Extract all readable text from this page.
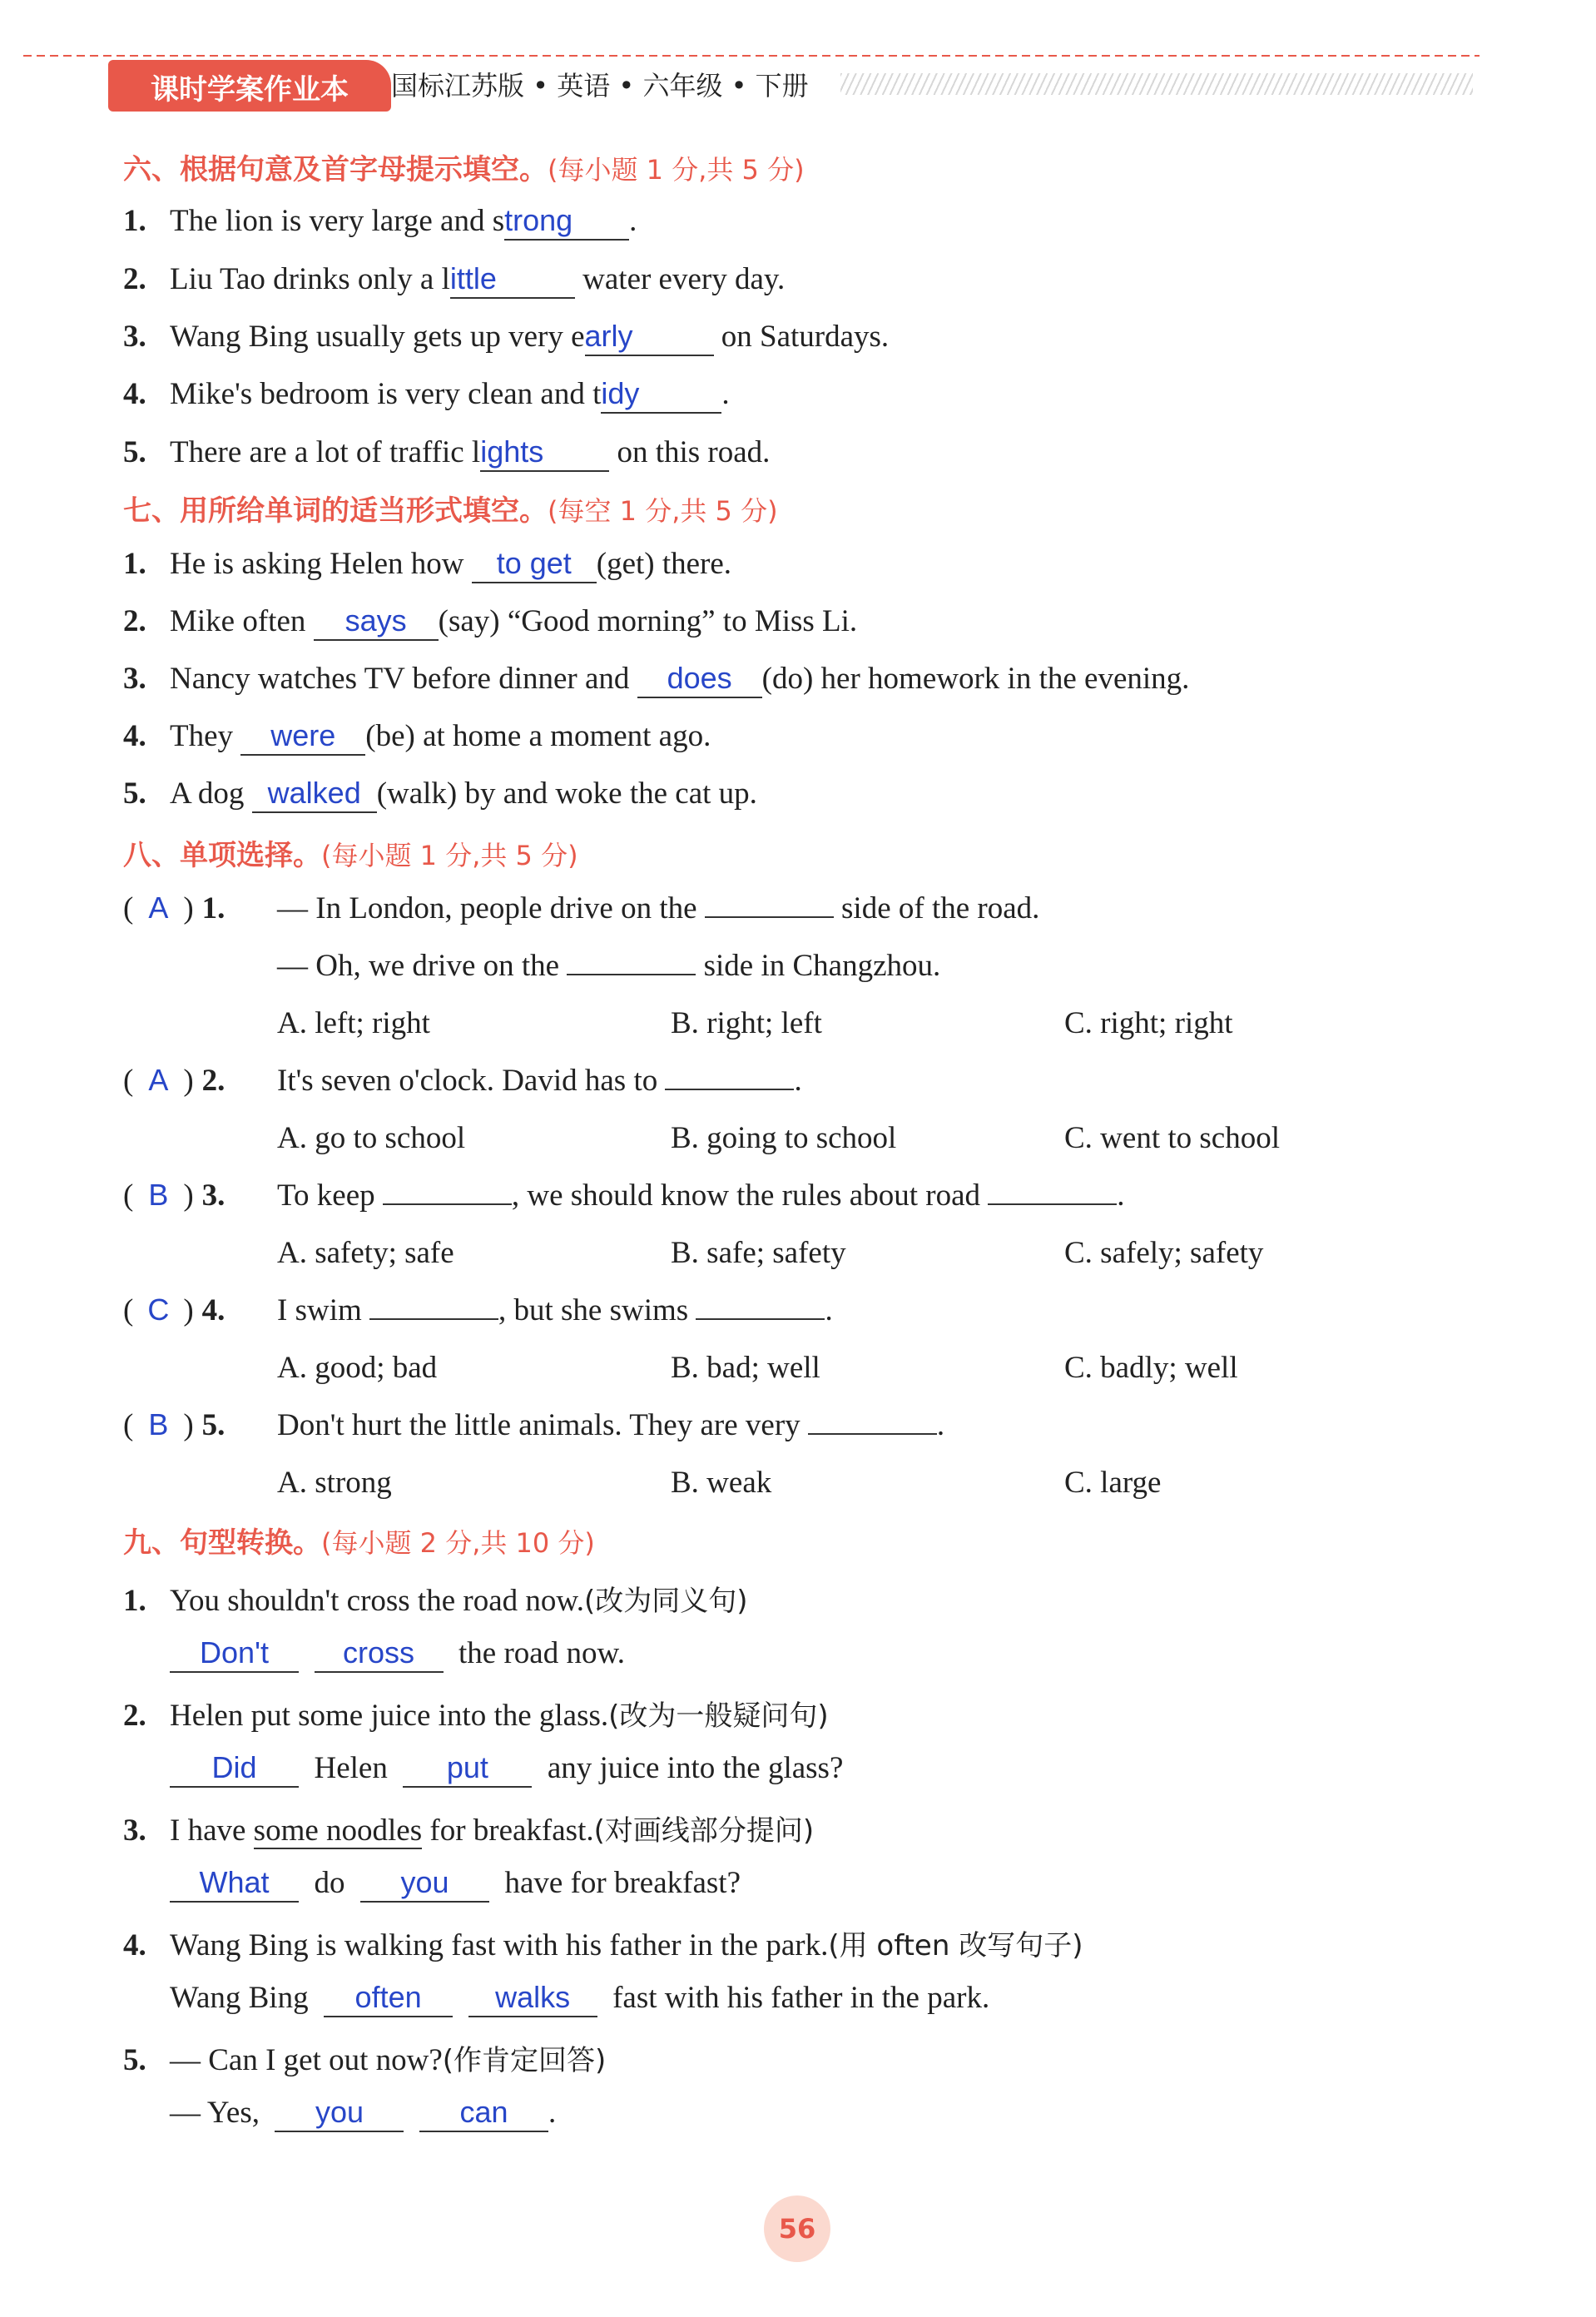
课时学案作业本	国标江苏版 • 英语 • 六年级 • 下册
六、根据句意及首字母提示填空。(每小题 1 分,共 5 分)
1. The lion is very large and strong .
2. Liu Tao drinks only a little	water every day.
3. Wang Bing usually gets up very early	on Saturdays.
4. Mike's bedroom is very clean and tidy	.
5. There are a lot of traffic lights on this road.
七、用所给单词的适当形式填空。(每空 1 分,共 5 分)
1. He is asking Helen how to get (get) there.
2. Mike often says (say) “Good morning” to Miss Li.
3. Nancy watches TV before dinner and does (do) her homework in the evening.
4. They were (be) at home a moment ago.
5. A dog walked (walk) by and woke the cat up.
八、单项选择。(每小题 1 分,共 5 分)
( A ) 1. — In London, people drive on the	side of the road.
— Oh, we drive on the	side in Changzhou.
A. left; right	B. right; left	C. right; right
( A ) 2. It's seven o'clock. David has to	.
A. go to school	B. going to school	C. went to school
( B ) 3. To keep	, we should know the rules about road	.
A. safety; safe	B. safe; safety	C. safely; safety
( C ) 4. I swim	, but she swims	.
A. good; bad	B. bad; well	C. badly; well
( B ) 5. Don't hurt the little animals. They are very	.
A. strong	B. weak	C. large
九、句型转换。(每小题 2 分,共 10 分)
1. You shouldn't cross the road now.(改为同义句)
Don't cross the road now.
2. Helen put some juice into the glass.(改为一般疑问句)
Did Helen put any juice into the glass?
3. I have some noodles for breakfast.(对画线部分提问)
What do you have for breakfast?
4. Wang Bing is walking fast with his father in the park.(用 often 改写句子)
Wang Bing often walks fast with his father in the park.
5. — Can I get out now?(作肯定回答)
— Yes, you	can .
56
